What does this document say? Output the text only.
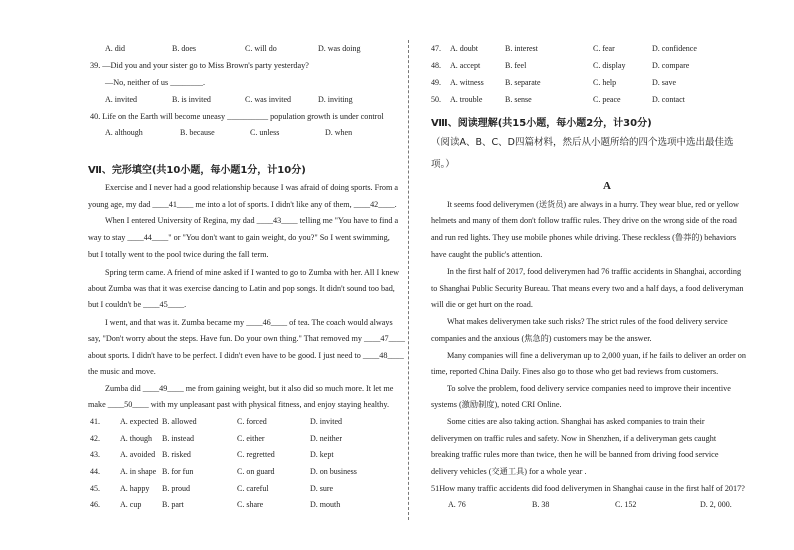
A. did	B. does	C. will do	D. was doing
39. —Did you and your sister go to Miss Brown's party yesterday?
—No, neither of us ________.
A. invited	B. is invited	C. was invited	D. inviting
40. Life on the Earth will become uneasy __________ population growth is under control
A. although	B. because	C. unless	D. when
Ⅶ、完形填空(共10小题，每小题1分，计10分)
Exercise and I never had a good relationship because I was afraid of doing sports. From a
young age, my dad ____41____ me into a lot of sports. I didn't like any of them, ____42____.
When I entered University of Regina, my dad ____43____ telling me "You have to find a
way to stay ____44____" or "You don't want to gain weight, do you?" So I went swimming,
but I totally went to the pool twice during the fall term.
Spring term came. A friend of mine asked if I wanted to go to Zumba with her. All I knew
about Zumba was that it was exercise dancing to Latin and pop songs. It didn't sound too bad,
but I couldn't be ____45____.
I went, and that was it. Zumba became my ____46____ of tea. The coach would always
say, "Don't worry about the steps. Have fun. Do your own thing." That removed my ____47____
about sports. I didn't have to be perfect. I didn't even have to be good. I just need to ____48____
the music and move.
Zumba did ____49____ me from gaining weight, but it also did so much more. It let me
make ____50____ with my unpleasant past with physical fitness, and enjoy staying healthy.
41.	A. expected B. allowed	C. forced	D. invited
42.	A. though B. instead	C. either	D. neither
43.	A. avoided B. risked	C. regretted	D. kept
44.	A. in shape B. for fun	C. on guard	D. on business
45.	A. happy B. proud	C. careful	D. sure
46.	A. cup	B. part	C. share	D. mouth
47. A. doubt	B. interest	C. fear	D. confidence
48. A. accept	B. feel	C. display	D. compare
49. A. witness	B. separate	C. help	D. save
50. A. trouble	B. sense	C. peace	D. contact
Ⅷ、阅读理解(共15小题，每小题2分，计30分)
（阅读A、B、C、D四篇材料，然后从小题所给的四个选项中选出最佳选
项。）
A
It seems food deliverymen (送货员) are always in a hurry. They wear blue, red or yellow
helmets and many of them don't follow traffic rules. They drive on the wrong side of the road
and run red lights. They use mobile phones while driving. These reckless (鲁莽的) behaviors
have caught the public's attention.
In the first half of 2017, food deliverymen had 76 traffic accidents in Shanghai, according
to Shanghai Public Security Bureau. That means every two and a half days, a food deliveryman
will die or get hurt on the road.
What makes deliverymen take such risks? The strict rules of the food delivery service
companies and the anxious (焦急的) customers may be the answer.
Many companies will fine a deliveryman up to 2,000 yuan, if he fails to deliver an order on
time, reported China Daily. Fines also go to those who get bad reviews from customers.
To solve the problem, food delivery service companies need to improve their incentive
systems (激励制度), noted CRI Online.
Some cities are also taking action. Shanghai has asked companies to train their
deliverymen on traffic rules and safety. Now in Shenzhen, if a deliveryman gets caught
breaking traffic rules more than twice, then he will be banned from driving food service
delivery vehicles (交通工具) for a whole year .
51How many traffic accidents did food deliverymen in Shanghai cause in the first half of 2017?
A. 76	B. 38	C. 152	D. 2, 000.
